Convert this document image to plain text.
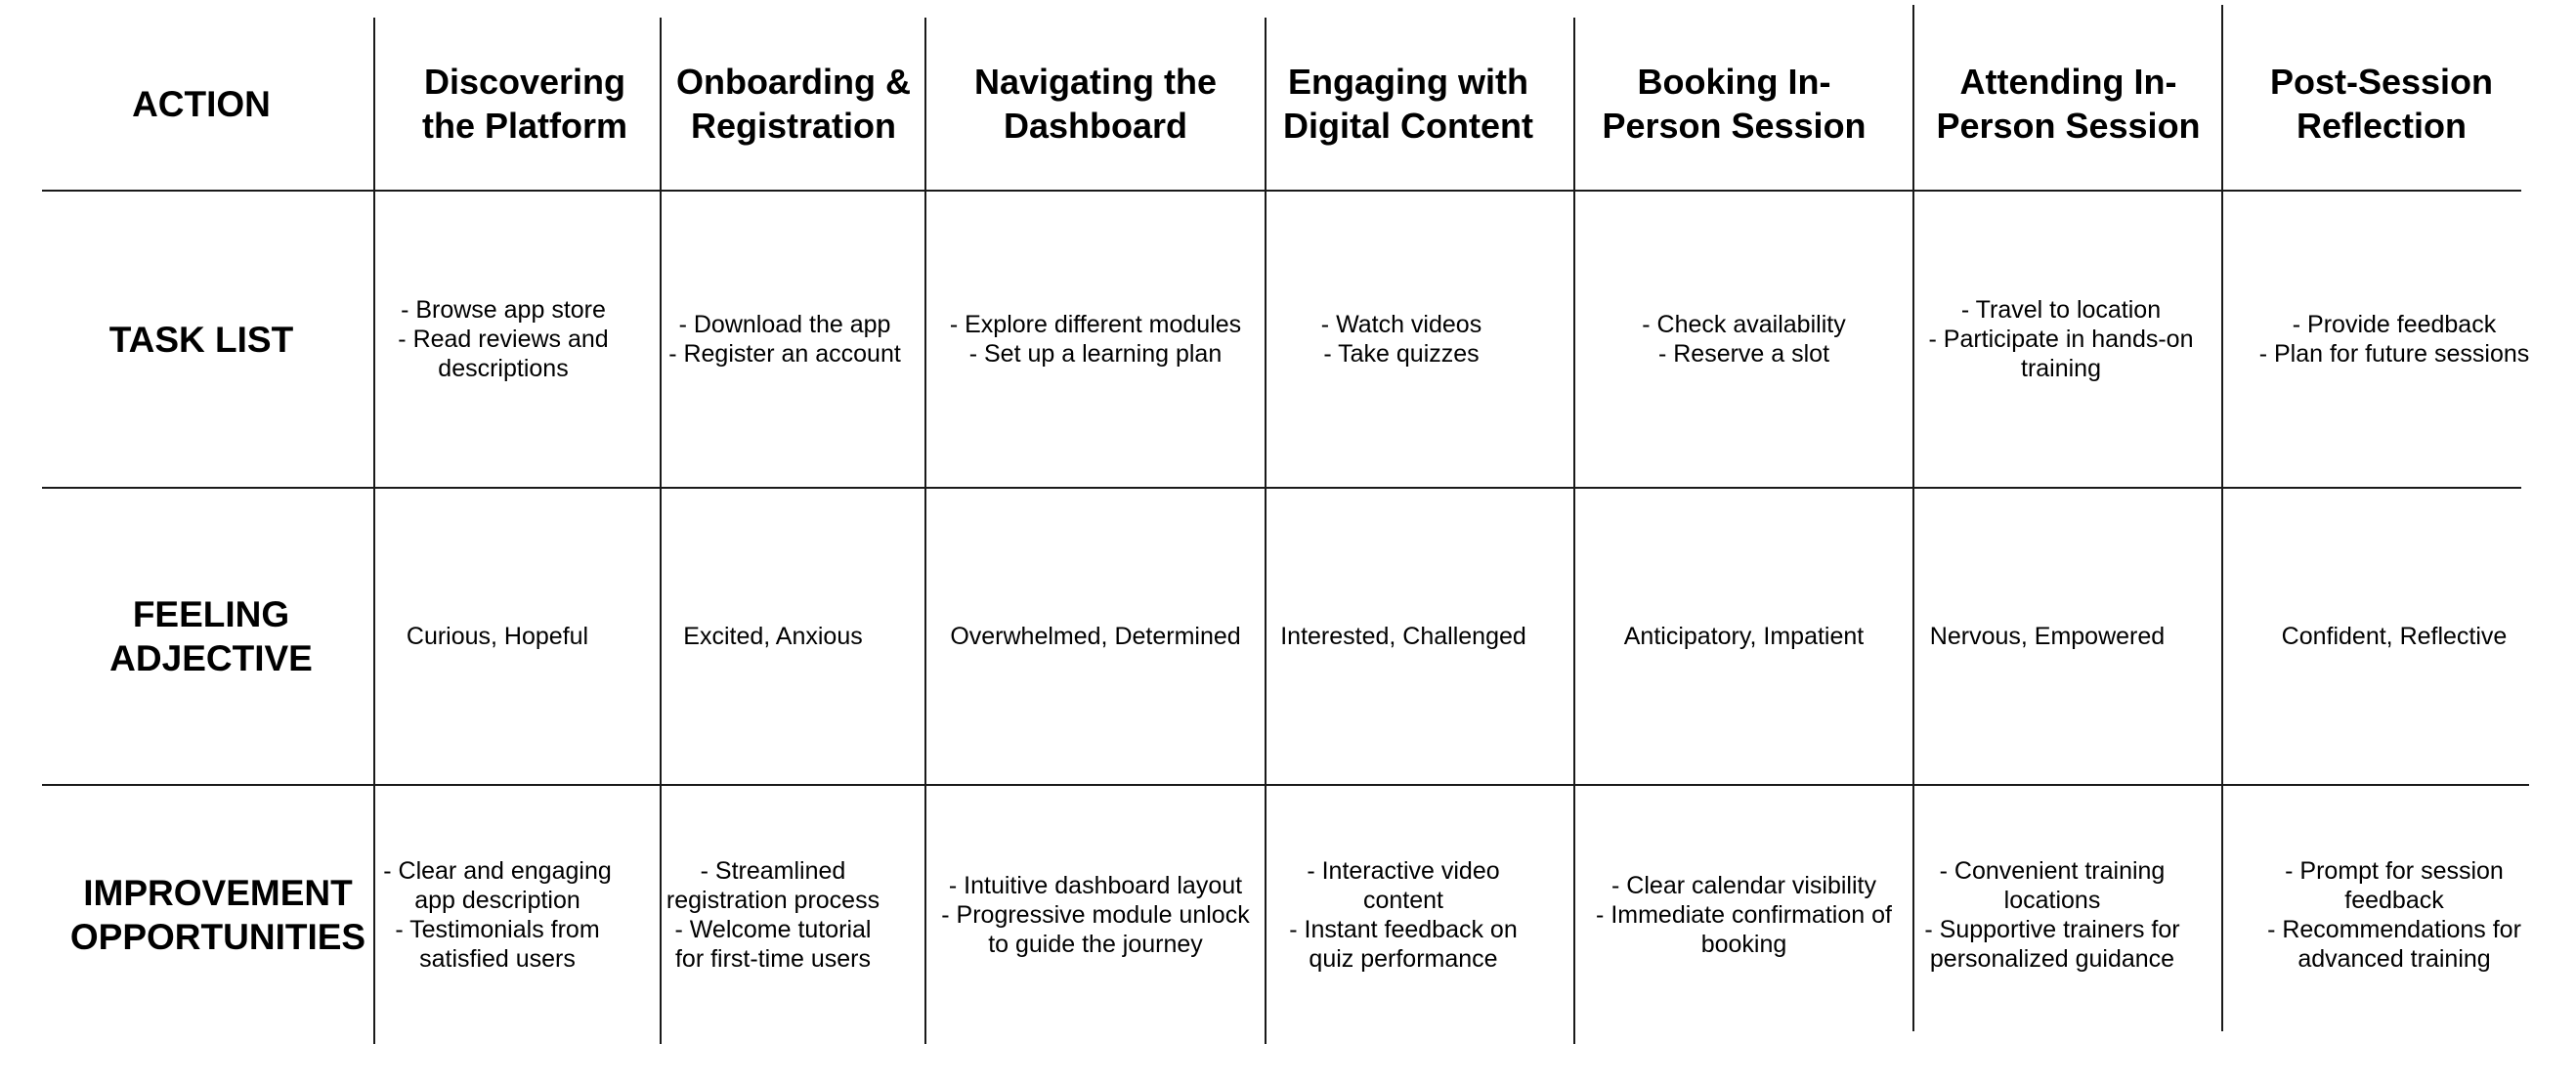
ACTION
TASK LIST
FEELING
ADJECTIVE
IMPROVEMENT
OPPORTUNITIES
Discovering
the Platform
- Browse app store
- Read reviews and
descriptions
Curious, Hopeful
- Clear and engaging
app description
- Testimonials from
satisfied users
Onboarding &
Registration
- Download the app
- Register an account
Excited, Anxious
- Streamlined
registration process
- Welcome tutorial
for first-time users
Navigating the
Dashboard
- Explore different modules
- Set up a learning plan
Overwhelmed, Determined
- Intuitive dashboard layout
- Progressive module unlock
to guide the journey
Engaging with
Digital Content
- Watch videos
- Take quizzes
Interested, Challenged
- Interactive video
content
- Instant feedback on
quiz performance
Booking In-
Person Session
- Check availability
- Reserve a slot
Anticipatory, Impatient
- Clear calendar visibility
- Immediate confirmation of
booking
Attending In-
Person Session
- Travel to location
- Participate in hands-on
training
Nervous, Empowered
- Convenient training
locations
- Supportive trainers for
personalized guidance
Post-Session
Reflection
- Provide feedback
- Plan for future sessions
Confident, Reflective
- Prompt for session
feedback
- Recommendations for
advanced training
